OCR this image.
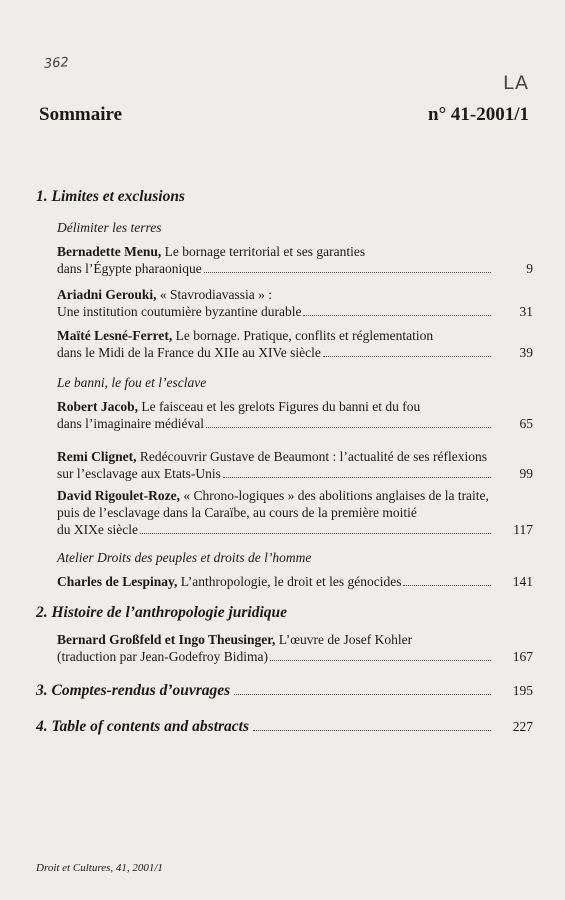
362
LA
Sommaire	n° 41-2001/1
1. Limites et exclusions
Délimiter les terres
Bernadette Menu, Le bornage territorial et ses garanties
dans l’Égypte pharaonique	9
Ariadni Gerouki, « Stavrodiavassia » :
Une institution coutumière byzantine durable	31
Maïté Lesné-Ferret, Le bornage. Pratique, conflits et réglementation
dans le Midi de la France du XIIe au XIVe siècle	39
Le banni, le fou et l’esclave
Robert Jacob, Le faisceau et les grelots Figures du banni et du fou
dans l’imaginaire médiéval	65
Remi Clignet, Redécouvrir Gustave de Beaumont : l’actualité de ses réflexions
sur l’esclavage aux Etats-Unis	99
David Rigoulet-Roze, « Chrono-logiques » des abolitions anglaises de la traite,
puis de l’esclavage dans la Caraïbe, au cours de la première moitié
du XIXe siècle	117
Atelier Droits des peuples et droits de l’homme
Charles de Lespinay,
L’anthropologie, le droit et les génocides	141
2. Histoire de l’anthropologie juridique
Bernard Großfeld et Ingo Theusinger, L’œuvre de Josef Kohler
(traduction par Jean-Godefroy Bidima)	167
3. Comptes-rendus d’ouvrages	195
4. Table of contents and abstracts	227
Droit et Cultures, 41, 2001/1
